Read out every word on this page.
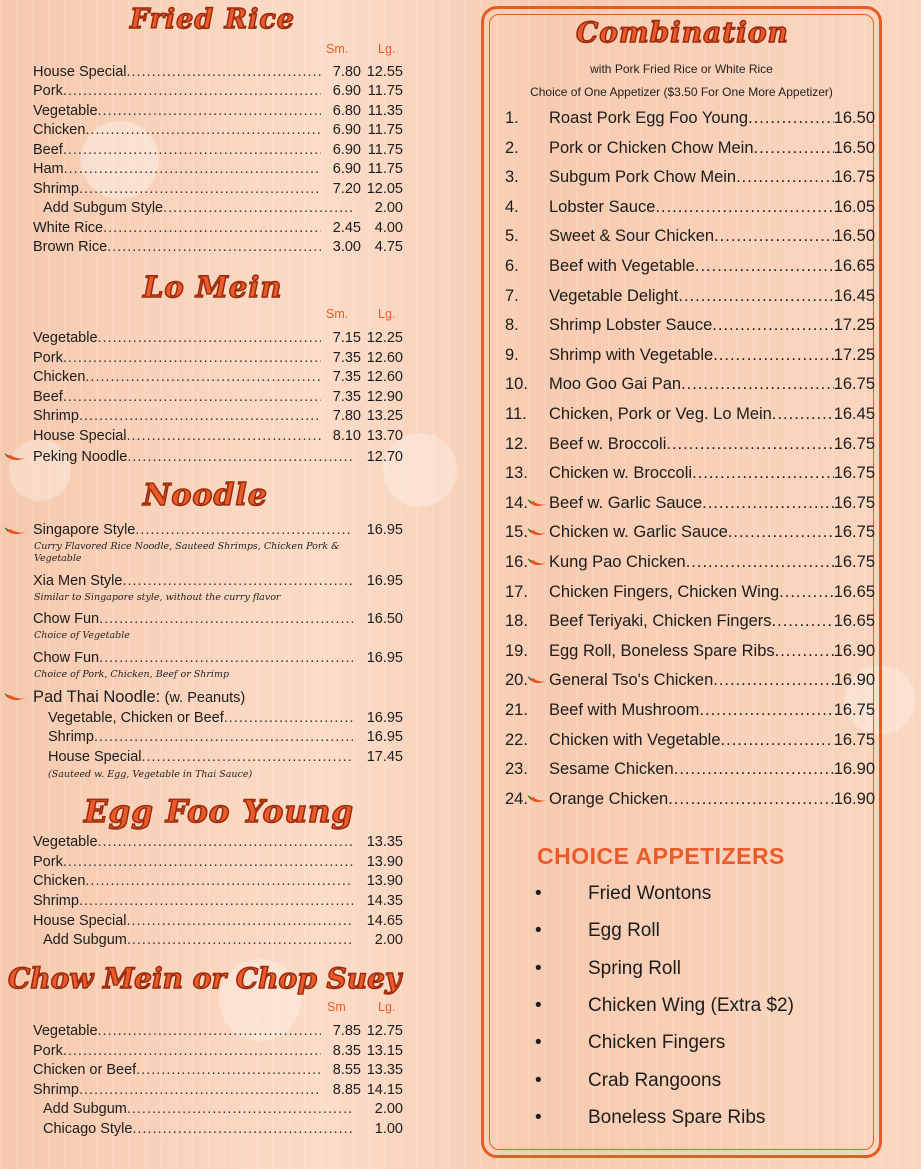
Fried Rice
Sm. Lg.
House Special .....	7.80 12.55
Pork .....	6.90 11.75
Vegetable .....	6.80 11.35
Chicken .....	6.90 11.75
Beef .....	6.90 11.75
Ham .....	6.90 11.75
Shrimp .....	7.20 12.05
Add Subgum Style .....	2.00
White Rice .....	2.45 4.00
Brown Rice .....	3.00 4.75
Lo Mein
Sm. Lg.
Vegetable .....	7.15 12.25
Pork .....	7.35 12.60
Chicken .....	7.35 12.60
Beef .....	7.35 12.90
Shrimp .....	7.80 13.25
House Special .....	8.10 13.70
Peking Noodle .....	12.70
Noodle
Singapore Style .....	16.95
Curry Flavored Rice Noodle, Sauteed Shrimps, Chicken Pork &
Vegetable
Xia Men Style .....	16.95
Similar to Singapore style, without the curry flavor
Chow Fun .....	16.50
Choice of Vegetable
Chow Fun .....	16.95
Choice of Pork, Chicken, Beef or Shrimp
Pad Thai Noodle: (w. Peanuts)
Vegetable, Chicken or Beef .....	16.95
Shrimp .....	16.95
House Special .....	17.45
(Sauteed w. Egg, Vegetable in Thai Sauce)
Egg Foo Young
Vegetable .....	13.35
Pork .....	13.90
Chicken .....	13.90
Shrimp .....	14.35
House Special .....	14.65
Add Subgum .....	2.00
Chow Mein or Chop Suey
Sm	Lg.
Vegetable .....	7.85 12.75
Pork .....	8.35 13.15
Chicken or Beef .....	8.55 13.35
Shrimp .....	8.85 14.15
Add Subgum .....	2.00
Chicago Style .....	1.00
Combination
with Pork Fried Rice or White Rice
Choice of One Appetizer ($3.50 For One More Appetizer)
1.	Roast Pork Egg Foo Young .....	16.50
2.	Pork or Chicken Chow Mein .....	16.50
3.	Subgum Pork Chow Mein .....	16.75
4.	Lobster Sauce .....	16.05
5.	Sweet & Sour Chicken .....	16.50
6.	Beef with Vegetable .....	16.65
7.	Vegetable Delight .....	16.45
8.	Shrimp Lobster Sauce .....	17.25
9.	Shrimp with Vegetable .....	17.25
10.	Moo Goo Gai Pan .....	16.75
11.	Chicken, Pork or Veg. Lo Mein .....	16.45
12.	Beef w. Broccoli .....	16.75
13.	Chicken w. Broccoli .....	16.75
14.	Beef w. Garlic Sauce .....	16.75
15.	Chicken w. Garlic Sauce .....	16.75
16.	Kung Pao Chicken .....	16.75
17.	Chicken Fingers, Chicken Wing .....	16.65
18.	Beef Teriyaki, Chicken Fingers .....	16.65
19.	Egg Roll, Boneless Spare Ribs .....	16.90
20.	General Tso's Chicken .....	16.90
21.	Beef with Mushroom .....	16.75
22.	Chicken with Vegetable .....	16.75
23.	Sesame Chicken .....	16.90
24.	Orange Chicken .....	16.90
CHOICE APPETIZERS
•	Fried Wontons
•	Egg Roll
•	Spring Roll
•	Chicken Wing (Extra $2)
•	Chicken Fingers
•	Crab Rangoons
•	Boneless Spare Ribs
